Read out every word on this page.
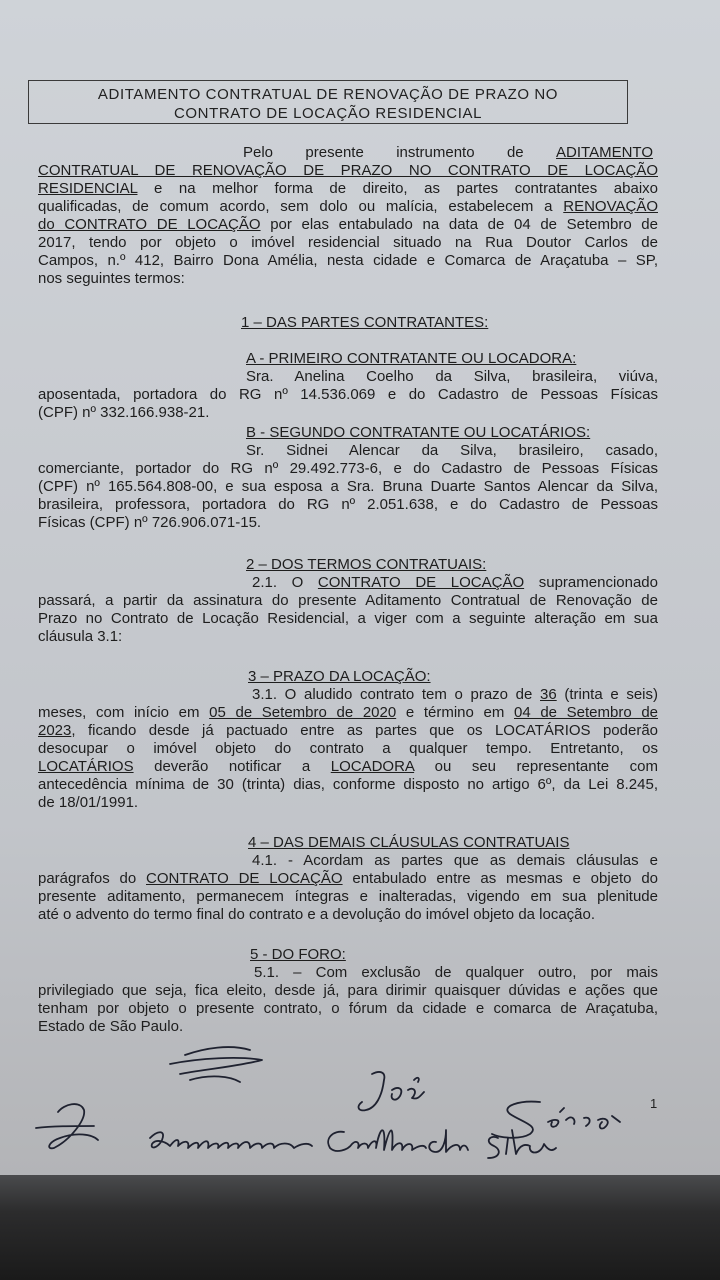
ADITAMENTO CONTRATUAL DE RENOVAÇÃO DE PRAZO NO
CONTRATO DE LOCAÇÃO RESIDENCIAL
Pelo presente instrumento de ADITAMENTO
CONTRATUAL DE RENOVAÇÃO DE PRAZO NO CONTRATO DE LOCAÇÃO
RESIDENCIAL e na melhor forma de direito, as partes contratantes abaixo
qualificadas, de comum acordo, sem dolo ou malícia, estabelecem a RENOVAÇÃO
do CONTRATO DE LOCAÇÃO por elas entabulado na data de 04 de Setembro de
2017, tendo por objeto o imóvel residencial situado na Rua Doutor Carlos de
Campos, n.º 412, Bairro Dona Amélia, nesta cidade e Comarca de Araçatuba – SP,
nos seguintes termos:
1 – DAS PARTES CONTRATANTES:
A - PRIMEIRO CONTRATANTE OU LOCADORA:
Sra. Anelina Coelho da Silva, brasileira, viúva,
aposentada, portadora do RG nº 14.536.069 e do Cadastro de Pessoas Físicas
(CPF) nº 332.166.938-21.
B - SEGUNDO CONTRATANTE OU LOCATÁRIOS:
Sr. Sidnei Alencar da Silva, brasileiro, casado,
comerciante, portador do RG nº 29.492.773-6, e do Cadastro de Pessoas Físicas
(CPF) nº 165.564.808-00, e sua esposa a Sra. Bruna Duarte Santos Alencar da Silva,
brasileira, professora, portadora do RG nº 2.051.638, e do Cadastro de Pessoas
Físicas (CPF) nº 726.906.071-15.
2 – DOS TERMOS CONTRATUAIS:
2.1. O CONTRATO DE LOCAÇÃO supramencionado
passará, a partir da assinatura do presente Aditamento Contratual de Renovação de
Prazo no Contrato de Locação Residencial, a viger com a seguinte alteração em sua
cláusula 3.1:
3 – PRAZO DA LOCAÇÃO:
3.1. O aludido contrato tem o prazo de 36 (trinta e seis)
meses, com início em 05 de Setembro de 2020 e término em 04 de Setembro de
2023, ficando desde já pactuado entre as partes que os LOCATÁRIOS poderão
desocupar o imóvel objeto do contrato a qualquer tempo. Entretanto, os
LOCATÁRIOS deverão notificar a LOCADORA ou seu representante com
antecedência mínima de 30 (trinta) dias, conforme disposto no artigo 6º, da Lei 8.245,
de 18/01/1991.
4 – DAS DEMAIS CLÁUSULAS CONTRATUAIS
4.1. - Acordam as partes que as demais cláusulas e
parágrafos do CONTRATO DE LOCAÇÃO entabulado entre as mesmas e objeto do
presente aditamento, permanecem íntegras e inalteradas, vigendo em sua plenitude
até o advento do termo final do contrato e a devolução do imóvel objeto da locação.
5 - DO FORO:
5.1. – Com exclusão de qualquer outro, por mais
privilegiado que seja, fica eleito, desde já, para dirimir quaisquer dúvidas e ações que
tenham por objeto o presente contrato, o fórum da cidade e comarca de Araçatuba,
Estado de São Paulo.
1
